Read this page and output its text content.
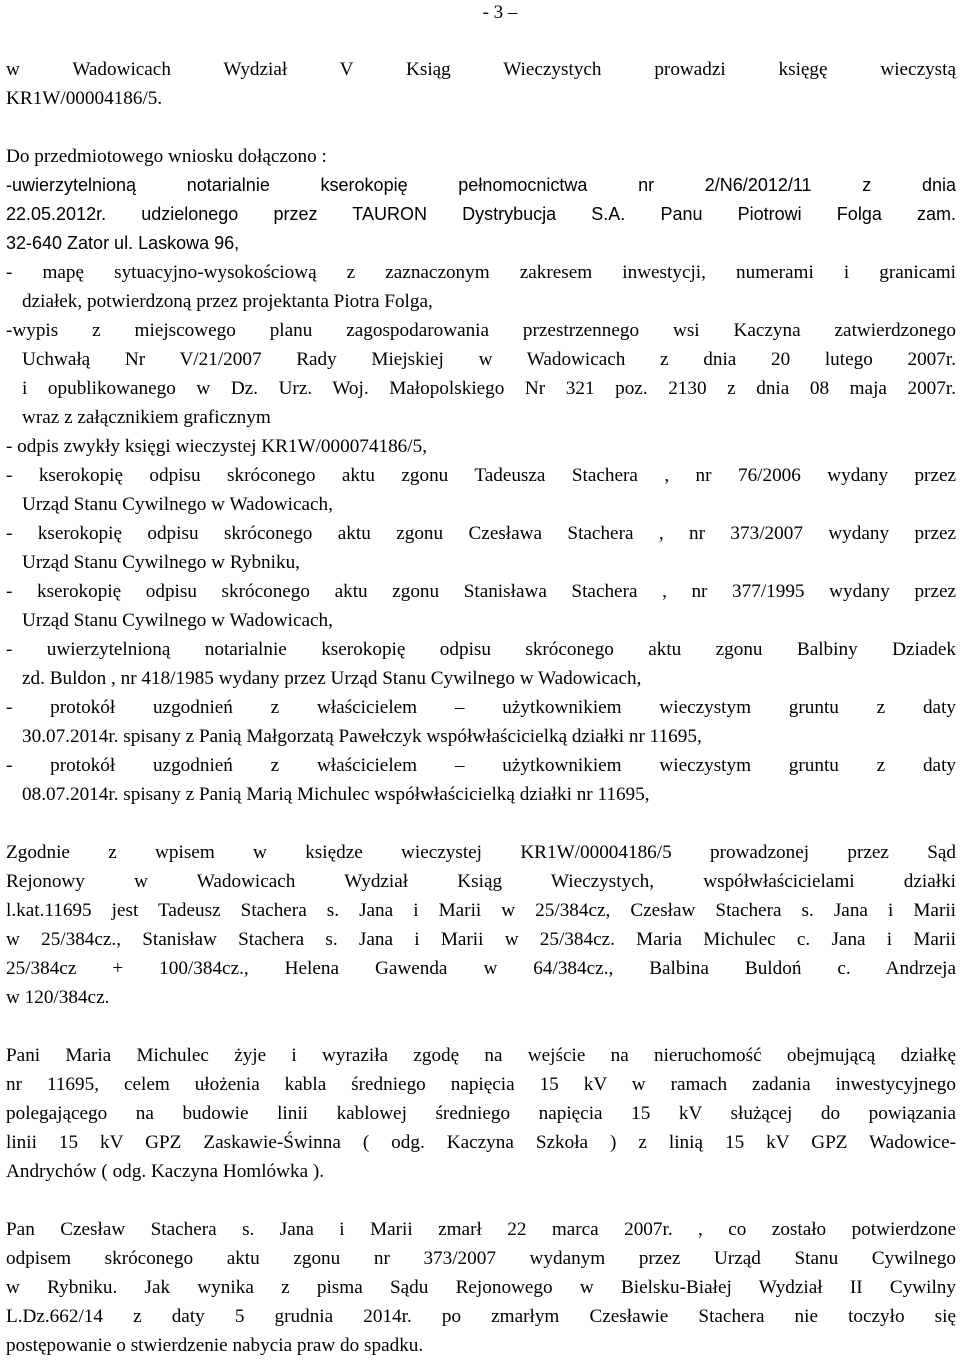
- 3 –
w Wadowicach Wydział V Ksiąg Wieczystych prowadzi księgę wieczystą
KR1W/00004186/5.
Do przedmiotowego wniosku dołączono :
-uwierzytelnioną notarialnie kserokopię pełnomocnictwa nr 2/N6/2012/11 z dnia
22.05.2012r. udzielonego przez TAURON Dystrybucja S.A. Panu Piotrowi Folga zam.
32-640 Zator ul. Laskowa 96,
- mapę sytuacyjno-wysokościową z zaznaczonym zakresem inwestycji, numerami i granicami
działek, potwierdzoną przez projektanta Piotra Folga,
-wypis z miejscowego planu zagospodarowania przestrzennego wsi Kaczyna zatwierdzonego
Uchwałą Nr V/21/2007 Rady Miejskiej w Wadowicach z dnia 20 lutego 2007r.
i opublikowanego w Dz. Urz. Woj. Małopolskiego Nr 321 poz. 2130 z dnia 08 maja 2007r.
wraz z załącznikiem graficznym
- odpis zwykły księgi wieczystej KR1W/000074186/5,
- kserokopię odpisu skróconego aktu zgonu Tadeusza Stachera , nr 76/2006 wydany przez
Urząd Stanu Cywilnego w Wadowicach,
- kserokopię odpisu skróconego aktu zgonu Czesława Stachera , nr 373/2007 wydany przez
Urząd Stanu Cywilnego w Rybniku,
- kserokopię odpisu skróconego aktu zgonu Stanisława Stachera , nr 377/1995 wydany przez
Urząd Stanu Cywilnego w Wadowicach,
- uwierzytelnioną notarialnie kserokopię odpisu skróconego aktu zgonu Balbiny Dziadek
zd. Buldon , nr 418/1985 wydany przez Urząd Stanu Cywilnego w Wadowicach,
- protokół uzgodnień z właścicielem – użytkownikiem wieczystym gruntu z daty
30.07.2014r. spisany z Panią Małgorzatą Pawełczyk współwłaścicielką działki nr 11695,
- protokół uzgodnień z właścicielem – użytkownikiem wieczystym gruntu z daty
08.07.2014r. spisany z Panią Marią Michulec współwłaścicielką działki nr 11695,
Zgodnie z wpisem w księdze wieczystej KR1W/00004186/5 prowadzonej przez Sąd
Rejonowy w Wadowicach Wydział Ksiąg Wieczystych, współwłaścicielami działki
l.kat.11695 jest Tadeusz Stachera s. Jana i Marii w 25/384cz, Czesław Stachera s. Jana i Marii
w 25/384cz., Stanisław Stachera s. Jana i Marii w 25/384cz. Maria Michulec c. Jana i Marii
25/384cz + 100/384cz., Helena Gawenda w 64/384cz., Balbina Buldoń c. Andrzeja
w 120/384cz.
Pani Maria Michulec żyje i wyraziła zgodę na wejście na nieruchomość obejmującą działkę
nr 11695, celem ułożenia kabla średniego napięcia 15 kV w ramach zadania inwestycyjnego
polegającego na budowie linii kablowej średniego napięcia 15 kV służącej do powiązania
linii 15 kV GPZ Zaskawie-Świnna ( odg. Kaczyna Szkoła ) z linią 15 kV GPZ Wadowice-
Andrychów ( odg. Kaczyna Homlówka ).
Pan Czesław Stachera s. Jana i Marii zmarł 22 marca 2007r. , co zostało potwierdzone
odpisem skróconego aktu zgonu nr 373/2007 wydanym przez Urząd Stanu Cywilnego
w Rybniku. Jak wynika z pisma Sądu Rejonowego w Bielsku-Białej Wydział II Cywilny
L.Dz.662/14 z daty 5 grudnia 2014r. po zmarłym Czesławie Stachera nie toczyło się
postępowanie o stwierdzenie nabycia praw do spadku.
